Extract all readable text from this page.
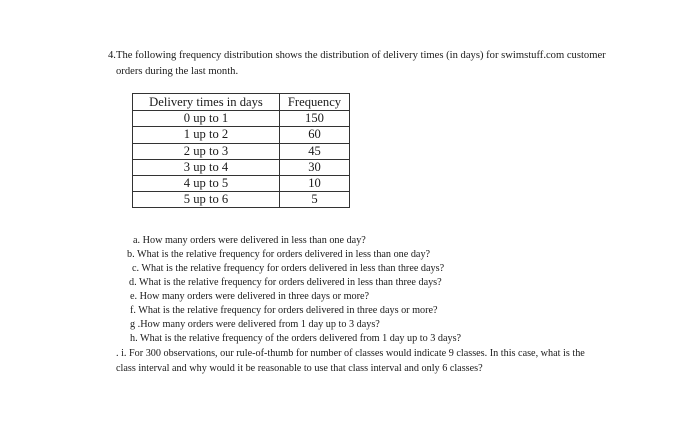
4. The following frequency distribution shows the distribution of delivery times (in days) for swimstuff.com customer orders during the last month.
Delivery times in days	Frequency
0 up to 1	150
1 up to 2	60
2 up to 3	45
3 up to 4	30
4 up to 5	10
5 up to 6	5
a. How many orders were delivered in less than one day?
b. What is the relative frequency for orders delivered in less than one day?
c. What is the relative frequency for orders delivered in less than three days?
d. What is the relative frequency for orders delivered in less than three days?
e. How many orders were delivered in three days or more?
f. What is the relative frequency for orders delivered in three days or more?
g .How many orders were delivered from 1 day up to 3 days?
h. What is the relative frequency of the orders delivered from 1 day up to 3 days?
. i. For 300 observations, our rule-of-thumb for number of classes would indicate 9 classes. In this case, what is the class interval and why would it be reasonable to use that class interval and only 6 classes?
